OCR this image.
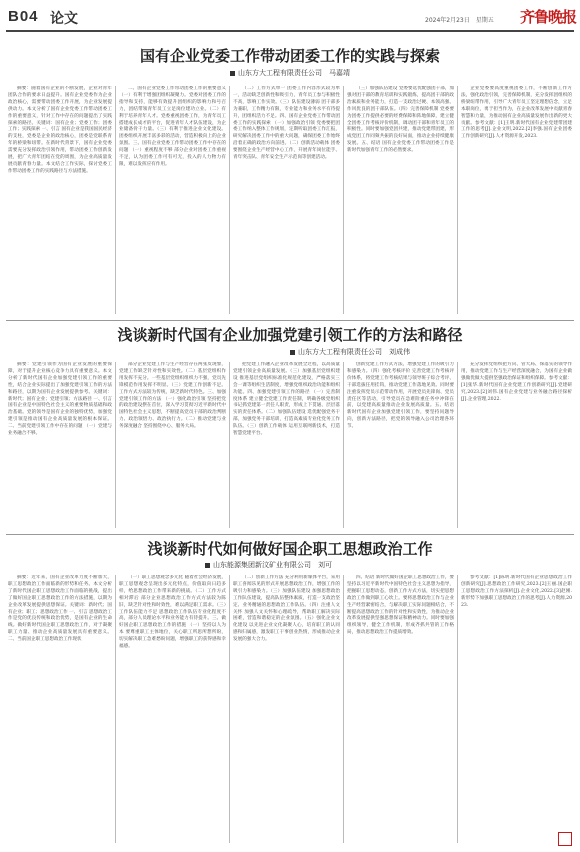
B04 论文	2024年2月23日　星期五 齐鲁晚报
国有企业党委工作带动团委工作的实践与探索
山东方大工程有限责任公司　马嘉靖

摘要：随着国有企业的不断发展，企业对青年团队合作的要求日益提升。国有企业党委作为企业政治核心，需要带动团委工作开展，为企业发展提供动力。本文分析了国有企业党委工作带动团委工作的重要意义，针对工作中存在的问题提出了实践探索的路径。关键词：国有企业；党委工作；团委工作；实践探索 一、引言 国有企业是我国国民经济的支柱，党委是企业的政治核心，团委是党联系青年的桥梁和纽带。在新时代背景下，国有企业党委需要充分发挥政治引领作用，带动团委工作创新发展，把广大青年团结在党的周围，为企业高质量发展贡献青春力量。本文结合工作实际，探讨党委工作带动团委工作的实践路径与方法措施。

二、国有企业党委工作带动团委工作的重要意义 （一）有利于增强团组织凝聚力。党委对团委工作的指导和支持，能够有效提升团组织的影响力和号召力，团结带领青年员工立足岗位建功立业。（二）有利于培养青年人才。党委重视团委工作，为青年员工搭建成长成才的平台，促进青年人才队伍建设，为企业储备骨干力量。（三）有利于推进企业文化建设。团委组织开展丰富多彩的活动，营造积极向上的企业氛围。三、国有企业党委工作带动团委工作中存在的问题 （一）重视程度不够 部分企业对团委工作重视不足，认为团委工作可有可无，投入的人力物力有限，难以发挥应有作用。

（二）工作方式单一 团委工作内容形式较为单一，活动缺乏创新性和吸引力，青年员工参与积极性不高，影响工作实效。（三）队伍建设薄弱 团干部多为兼职，工作精力有限，专业能力和业务水平有待提升，团组织活力不足。四、国有企业党委工作带动团委工作的实践探索 （一）加强政治引领 党委要把团委工作纳入整体工作规划，定期听取团委工作汇报，研究解决团委工作中的重大问题，确保团委工作始终沿着正确的政治方向前进。（二）创新活动载体 团委要围绕企业生产经营中心工作，开展青年岗位能手、青年突击队、青年安全生产示范岗等创建活动。

（三）加强队伍建设 党委要选优配强团干部，加强对团干部的教育培训和实践锻炼，提高团干部的政治素质和业务能力，打造一支政治过硬、本领高强、作风优良的团干部队伍。（四）完善保障机制 党委要为团委工作提供必要的经费保障和阵地保障，建立健全团委工作考核评价机制，调动团干部和青年员工的积极性。同时要加强党团共建，推动党建带团建，形成党团工作同频共振的良好局面，推动企业持续健康发展。五、结语 国有企业党委工作带动团委工作是新时代加强青年工作的必然要求。

企业党委要高度重视团委工作，不断创新工作方法，强化政治引领，完善保障机制，充分发挥团组织的桥梁纽带作用，引导广大青年员工坚定理想信念，立足本职岗位，勇于担当作为，在企业改革发展中贡献青春智慧和力量，为推动国有企业高质量发展作出新的更大贡献。参考文献：[1]王明.新时代国有企业党建带团建工作的思考[J].企业文明,2022.[2]李强.国有企业团委工作创新研究[J].人才资源开发,2023.

浅谈新时代国有企业加强党建引领工作的方法和路径
山东方大工程有限责任公司　刘成伟

摘要：党建引领作为国有企业发展的重要保障，对于提升企业核心竞争力具有重要意义。本文分析了新时代国有企业加强党建引领工作的重要性，结合企业实际提出了加强党建引领工作的方法和路径，以期为国有企业发展提供参考。关键词：新时代；国有企业；党建引领；方法路径 一、引言 国有企业是中国特色社会主义的重要物质基础和政治基础。党的领导是国有企业的独特优势，加强党建引领是推动国有企业高质量发展的根本保证。二、当前党建引领工作中存在的问题 （一）党建与业务融合不够。

部分企业党建工作与生产经营存在两张皮现象，党建工作缺乏针对性和实效性。（二）基层党组织作用发挥不充分。一些基层党组织组织力不强，党员先锋模范作用发挥不明显。（三）党建工作创新不足。工作方式方法较为传统，缺乏新时代特色。三、加强党建引领工作的方法 （一）强化政治引领 坚持把党的政治建设摆在首位，深入学习贯彻习近平新时代中国特色社会主义思想，不断提高党员干部的政治判断力、政治领悟力、政治执行力。（二）推动党建与业务深度融合 坚持围绕中心、服务大局。

把党建工作融入企业改革发展全过程，以高质量党建引领企业高质量发展。（三）加强基层党组织建设 推进基层党组织标准化规范化建设，严格落实三会一课等组织生活制度，增强党组织政治功能和组织功能。四、加强党建引领工作的路径 （一）完善制度体系 建立健全党建工作责任制，明确各级党组织书记抓党建第一责任人职责，形成上下贯通、层层落实的责任体系。（二）加强队伍建设 选优配强党务干部，加强党务干部培训，打造高素质专业化党务工作队伍。（三）创新工作载体 运用互联网新技术，打造智慧党建平台。

创新党建工作方式方法，增强党建工作的吸引力和感染力。（四）强化考核评价 完善党建工作考核评价体系，将党建工作考核结果与领导班子综合考评、干部选拔任用挂钩，推动党建工作落地见效。同时要注重发挥党员示范带动作用，开展党员先锋岗、党员责任区等活动，引导党员在急难险重任务中冲锋在前，以党建高质量推动企业发展高质量。五、结语 新时代国有企业加强党建引领工作，要坚持问题导向，创新方法路径，把党的领导融入公司治理各环节。

充分发挥党组织把方向、管大局、保落实的领导作用，推动党建工作与生产经营深度融合，为国有企业做强做优做大提供坚强政治保证和组织保障。参考文献：[1]张华.新时代国有企业党建工作创新研究[J].党建研究,2023.[2]刘伟.国有企业党建与业务融合路径探析[J].企业管理,2022.

浅谈新时代如何做好国企职工思想政治工作
山东能源集团新汶矿业有限公司　刘可

摘要：近年来，国有企业改革力度不断加大，职工思想政治工作面临新的形势和任务。本文分析了新时代国企职工思想政治工作面临的挑战，提出了做好国企职工思想政治工作的方法措施，以期为企业改革发展提供思想保证。关键词：新时代；国有企业；职工；思想政治工作 一、引言 思想政治工作是党的优良传统和政治优势，是国有企业的生命线。做好新时代国企职工思想政治工作，对于凝聚职工力量、推动企业高质量发展具有重要意义。二、当前国企职工思想政治工作现状

（一）职工思想观念多元化 随着社会经济发展，职工思想观念呈现出多元化特点，价值取向日趋多样，给思想政治工作带来新的挑战。（二）工作方式相对滞后 部分企业思想政治工作方式方法较为陈旧，缺乏针对性和时效性，难以满足职工需求。（三）工作队伍能力不足 思想政治工作队伍专业化程度不高，部分人员理论水平和业务能力有待提升。三、做好国企职工思想政治工作的措施 （一）坚持以人为本 要尊重职工主体地位，关心职工所思所想所盼，切实解决职工急难愁盼问题，增强职工的获得感和幸福感。

（二）创新工作方法 充分利用新媒体平台，采用职工喜闻乐见的形式开展思想政治工作，增强工作的吸引力和感染力。（三）加强队伍建设 加强思想政治工作队伍建设，提高队伍整体素质，打造一支政治坚定、业务精通的思想政治工作队伍。（四）注重人文关怀 加强人文关怀和心理疏导，帮助职工解决实际困难，营造和谐稳定的企业氛围。（五）强化企业文化建设 以先进企业文化凝聚人心，培育职工的认同感和归属感，激发职工干事创业热情，形成推动企业发展的强大合力。

四、结语 新时代做好国企职工思想政治工作，要坚持以习近平新时代中国特色社会主义思想为指导，把握职工思想动态，创新工作方式方法，切实把思想政治工作做到职工心坎上。要将思想政治工作与企业生产经营紧密结合，与解决职工实际问题相结合，不断提高思想政治工作的针对性和实效性，为推动企业改革发展提供坚强思想保证和精神动力。同时要加强组织领导，健全工作机制，形成齐抓共管的工作格局，推动思想政治工作提质增效。

参考文献：[1]陈明.新时代国有企业思想政治工作创新研究[J].思想政治工作研究,2023.[2]王丽.国企职工思想政治工作方法探析[J].企业文化,2022.[3]赵刚.新形势下加强职工思想政治工作的思考[J].人力资源,2023.
